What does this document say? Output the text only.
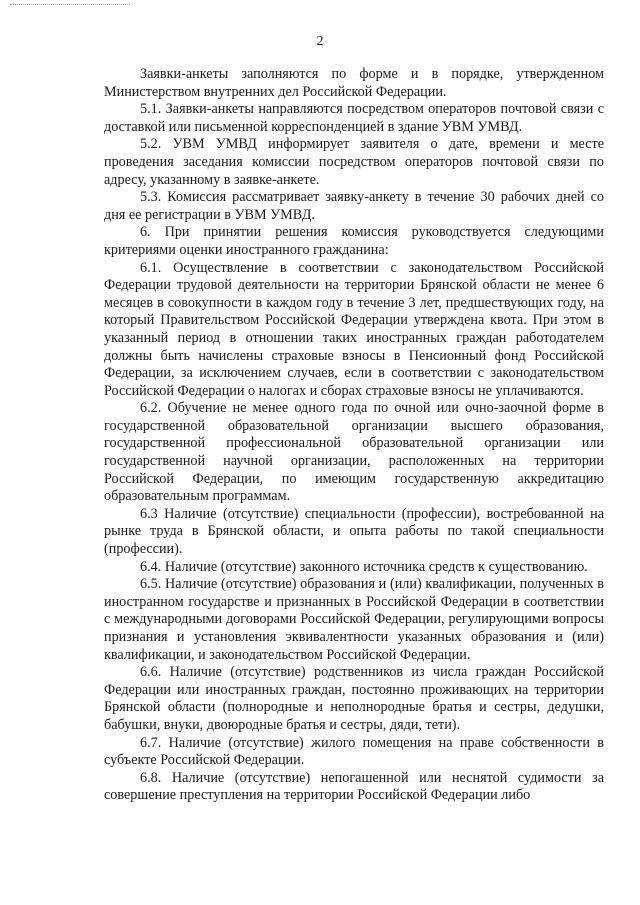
2

Заявки-анкеты заполняются по форме и в порядке, утвержденном Министерством внутренних дел Российской Федерации.

5.1. Заявки-анкеты направляются посредством операторов почтовой связи с доставкой или письменной корреспонденцией в здание УВМ УМВД.

5.2. УВМ УМВД информирует заявителя о дате, времени и месте проведения заседания комиссии посредством операторов почтовой связи по адресу, указанному в заявке-анкете.

5.3. Комиссия рассматривает заявку-анкету в течение 30 рабочих дней со дня ее регистрации в УВМ УМВД.

6. При принятии решения комиссия руководствуется следующими критериями оценки иностранного гражданина:

6.1. Осуществление в соответствии с законодательством Российской Федерации трудовой деятельности на территории Брянской области не менее 6 месяцев в совокупности в каждом году в течение 3 лет, предшествующих году, на который Правительством Российской Федерации утверждена квота. При этом в указанный период в отношении таких иностранных граждан работодателем должны быть начислены страховые взносы в Пенсионный фонд Российской Федерации, за исключением случаев, если в соответствии с законодательством Российской Федерации о налогах и сборах страховые взносы не уплачиваются.

6.2. Обучение не менее одного года по очной или очно-заочной форме в государственной образовательной организации высшего образования, государственной профессиональной образовательной организации или государственной научной организации, расположенных на территории Российской Федерации, по имеющим государственную аккредитацию образовательным программам.

6.3 Наличие (отсутствие) специальности (профессии), востребованной на рынке труда в Брянской области, и опыта работы по такой специальности (профессии).

6.4. Наличие (отсутствие) законного источника средств к существованию.

6.5. Наличие (отсутствие) образования и (или) квалификации, полученных в иностранном государстве и признанных в Российской Федерации в соответствии с международными договорами Российской Федерации, регулирующими вопросы признания и установления эквивалентности указанных образования и (или) квалификации, и законодательством Российской Федерации.

6.6. Наличие (отсутствие) родственников из числа граждан Российской Федерации или иностранных граждан, постоянно проживающих на территории Брянской области (полнородные и неполнородные братья и сестры, дедушки, бабушки, внуки, двоюродные братья и сестры, дяди, тети).

6.7. Наличие (отсутствие) жилого помещения на праве собственности в субъекте Российской Федерации.

6.8. Наличие (отсутствие) непогашенной или неснятой судимости за совершение преступления на территории Российской Федерации либо
